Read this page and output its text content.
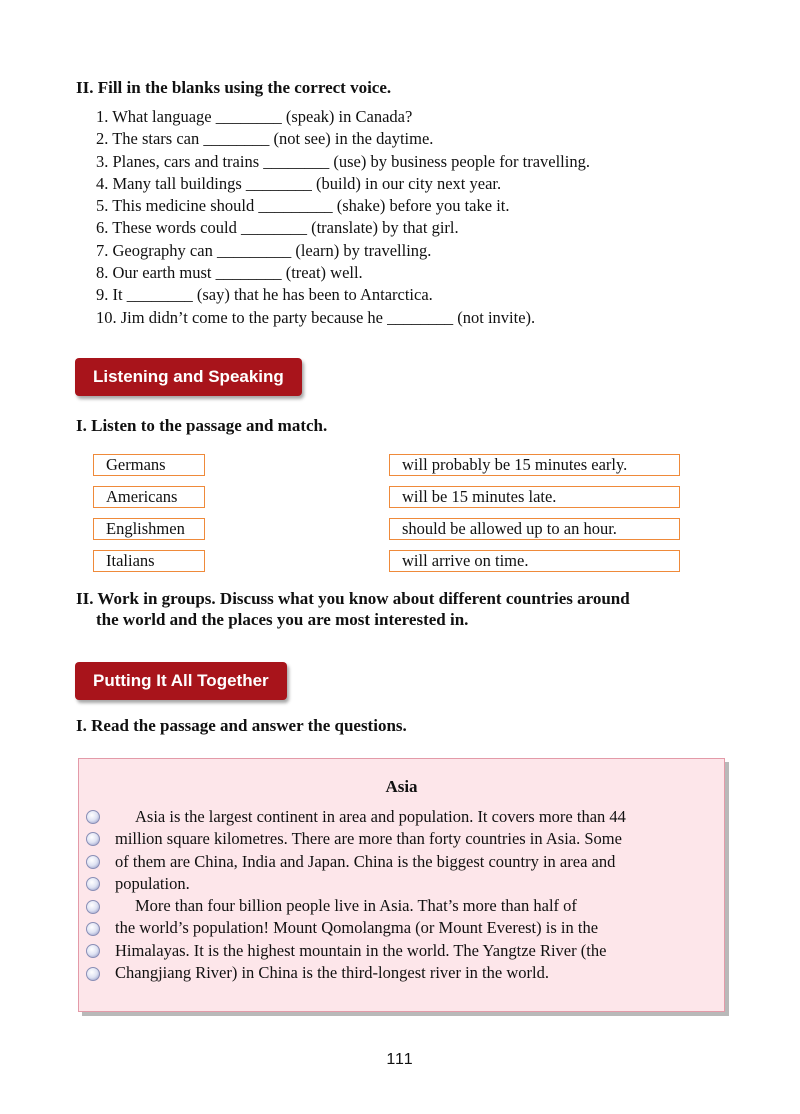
II. Fill in the blanks using the correct voice.
1. What language ________ (speak) in Canada?
2. The stars can ________ (not see) in the daytime.
3. Planes, cars and trains ________ (use) by business people for travelling.
4. Many tall buildings ________ (build) in our city next year.
5. This medicine should _________ (shake) before you take it.
6. These words could ________ (translate) by that girl.
7. Geography can _________ (learn) by travelling.
8. Our earth must ________ (treat) well.
9. It ________ (say) that he has been to Antarctica.
10. Jim didn’t come to the party because he ________ (not invite).
Listening and Speaking
I. Listen to the passage and match.
Germans
Americans
Englishmen
Italians
will probably be 15 minutes early.
will be 15 minutes late.
should be allowed up to an hour.
will arrive on time.
II. Work in groups. Discuss what you know about different countries around
the world and the places you are most interested in.
Putting It All Together
I. Read the passage and answer the questions.
Asia
Asia is the largest continent in area and population. It covers more than 44
million square kilometres. There are more than forty countries in Asia. Some
of them are China, India and Japan. China is the biggest country in area and
population.
More than four billion people live in Asia. That’s more than half of
the world’s population! Mount Qomolangma (or Mount Everest) is in the
Himalayas. It is the highest mountain in the world. The Yangtze River (the
Changjiang River) in China is the third-longest river in the world.
111
